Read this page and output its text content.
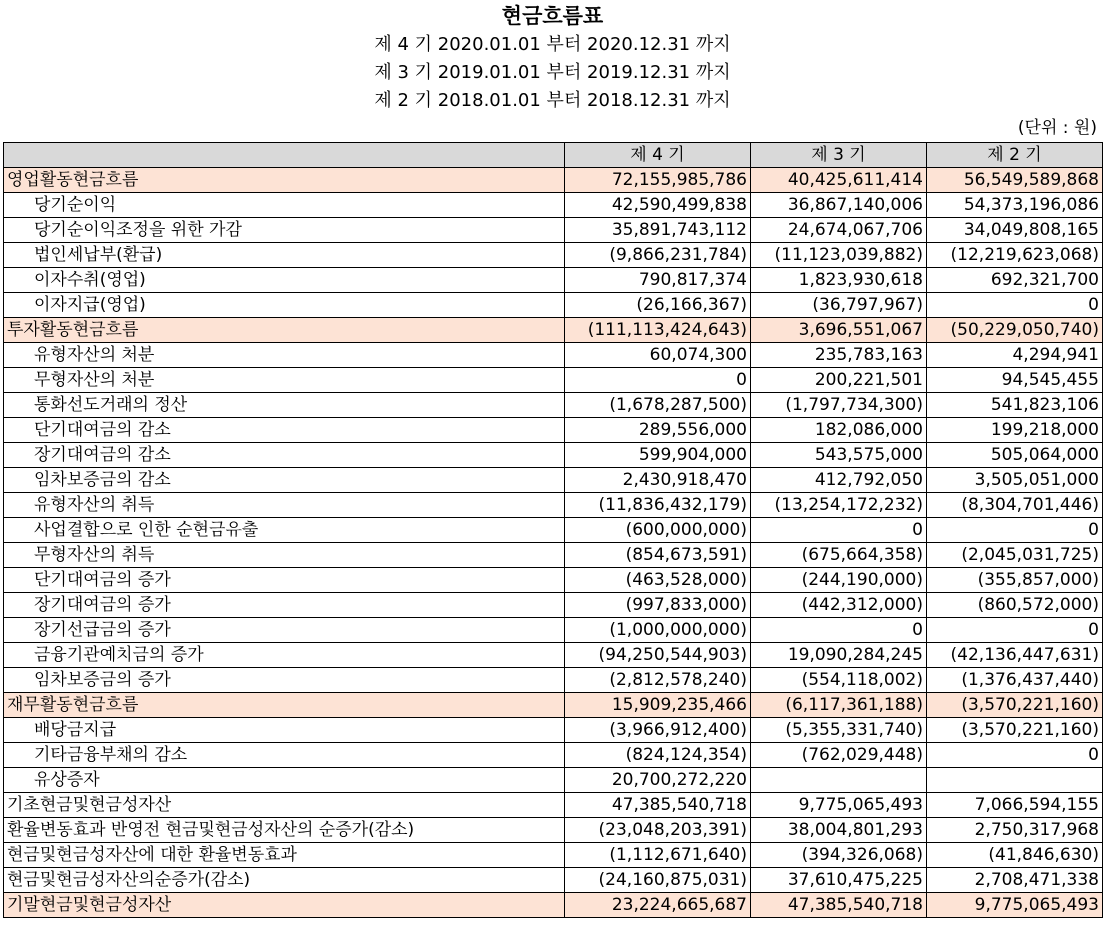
현금흐름표
제 4 기 2020.01.01 부터 2020.12.31 까지
제 3 기 2019.01.01 부터 2019.12.31 까지
제 2 기 2018.01.01 부터 2018.12.31 까지
(단위 : 원)
	제 4 기	제 3 기	제 2 기
영업활동현금흐름	72,155,985,786	40,425,611,414	56,549,589,868
당기순이익	42,590,499,838	36,867,140,006	54,373,196,086
당기순이익조정을 위한 가감	35,891,743,112	24,674,067,706	34,049,808,165
법인세납부(환급)	(9,866,231,784)	(11,123,039,882)	(12,219,623,068)
이자수취(영업)	790,817,374	1,823,930,618	692,321,700
이자지급(영업)	(26,166,367)	(36,797,967)	0
투자활동현금흐름	(111,113,424,643)	3,696,551,067	(50,229,050,740)
유형자산의 처분	60,074,300	235,783,163	4,294,941
무형자산의 처분	0	200,221,501	94,545,455
통화선도거래의 정산	(1,678,287,500)	(1,797,734,300)	541,823,106
단기대여금의 감소	289,556,000	182,086,000	199,218,000
장기대여금의 감소	599,904,000	543,575,000	505,064,000
임차보증금의 감소	2,430,918,470	412,792,050	3,505,051,000
유형자산의 취득	(11,836,432,179)	(13,254,172,232)	(8,304,701,446)
사업결합으로 인한 순현금유출	(600,000,000)	0	0
무형자산의 취득	(854,673,591)	(675,664,358)	(2,045,031,725)
단기대여금의 증가	(463,528,000)	(244,190,000)	(355,857,000)
장기대여금의 증가	(997,833,000)	(442,312,000)	(860,572,000)
장기선급금의 증가	(1,000,000,000)	0	0
금융기관예치금의 증가	(94,250,544,903)	19,090,284,245	(42,136,447,631)
임차보증금의 증가	(2,812,578,240)	(554,118,002)	(1,376,437,440)
재무활동현금흐름	15,909,235,466	(6,117,361,188)	(3,570,221,160)
배당금지급	(3,966,912,400)	(5,355,331,740)	(3,570,221,160)
기타금융부채의 감소	(824,124,354)	(762,029,448)	0
유상증자	20,700,272,220		
기초현금및현금성자산	47,385,540,718	9,775,065,493	7,066,594,155
환율변동효과 반영전 현금및현금성자산의 순증가(감소)	(23,048,203,391)	38,004,801,293	2,750,317,968
현금및현금성자산에 대한 환율변동효과	(1,112,671,640)	(394,326,068)	(41,846,630)
현금및현금성자산의순증가(감소)	(24,160,875,031)	37,610,475,225	2,708,471,338
기말현금및현금성자산	23,224,665,687	47,385,540,718	9,775,065,493
